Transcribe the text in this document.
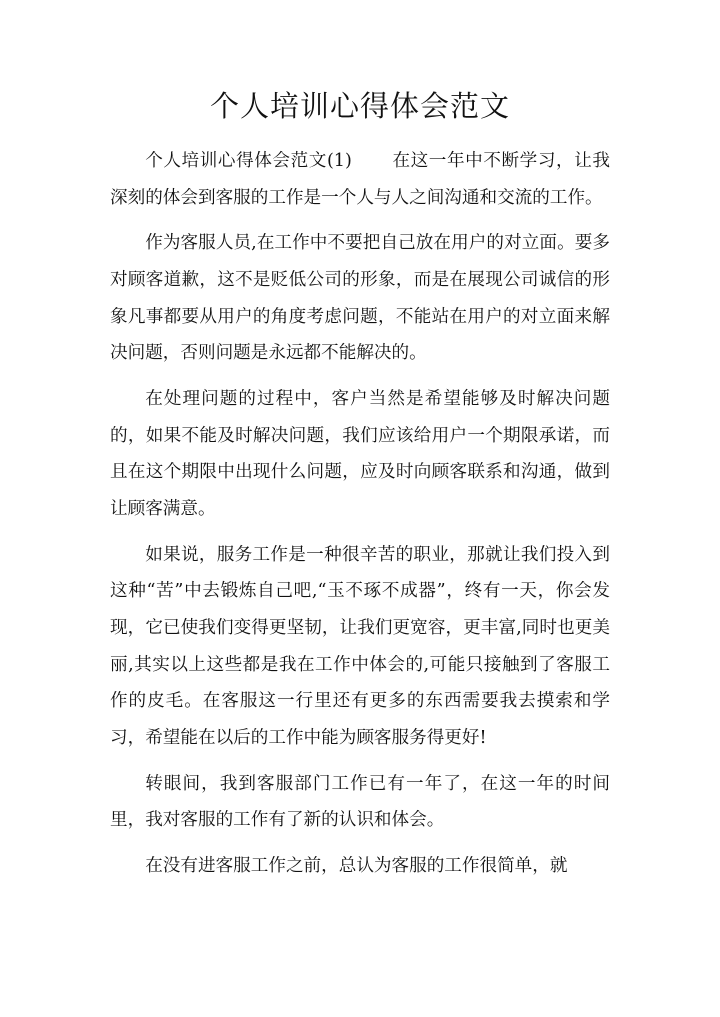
个人培训心得体会范文

个人培训心得体会范文(1) 在这一年中不断学习，让我深刻的体会到客服的工作是一个人与人之间沟通和交流的工作。

作为客服人员,在工作中不要把自己放在用户的对立面。要多对顾客道歉，这不是贬低公司的形象，而是在展现公司诚信的形象凡事都要从用户的角度考虑问题，不能站在用户的对立面来解决问题，否则问题是永远都不能解决的。

在处理问题的过程中，客户当然是希望能够及时解决问题的，如果不能及时解决问题，我们应该给用户一个期限承诺，而且在这个期限中出现什么问题，应及时向顾客联系和沟通，做到让顾客满意。

如果说，服务工作是一种很辛苦的职业，那就让我们投入到这种“苦”中去锻炼自己吧,“玉不琢不成器”，终有一天，你会发现，它已使我们变得更坚韧，让我们更宽容，更丰富,同时也更美丽,其实以上这些都是我在工作中体会的,可能只接触到了客服工作的皮毛。在客服这一行里还有更多的东西需要我去摸索和学习，希望能在以后的工作中能为顾客服务得更好!

转眼间，我到客服部门工作已有一年了，在这一年的时间里，我对客服的工作有了新的认识和体会。

在没有进客服工作之前，总认为客服的工作很简单，就
